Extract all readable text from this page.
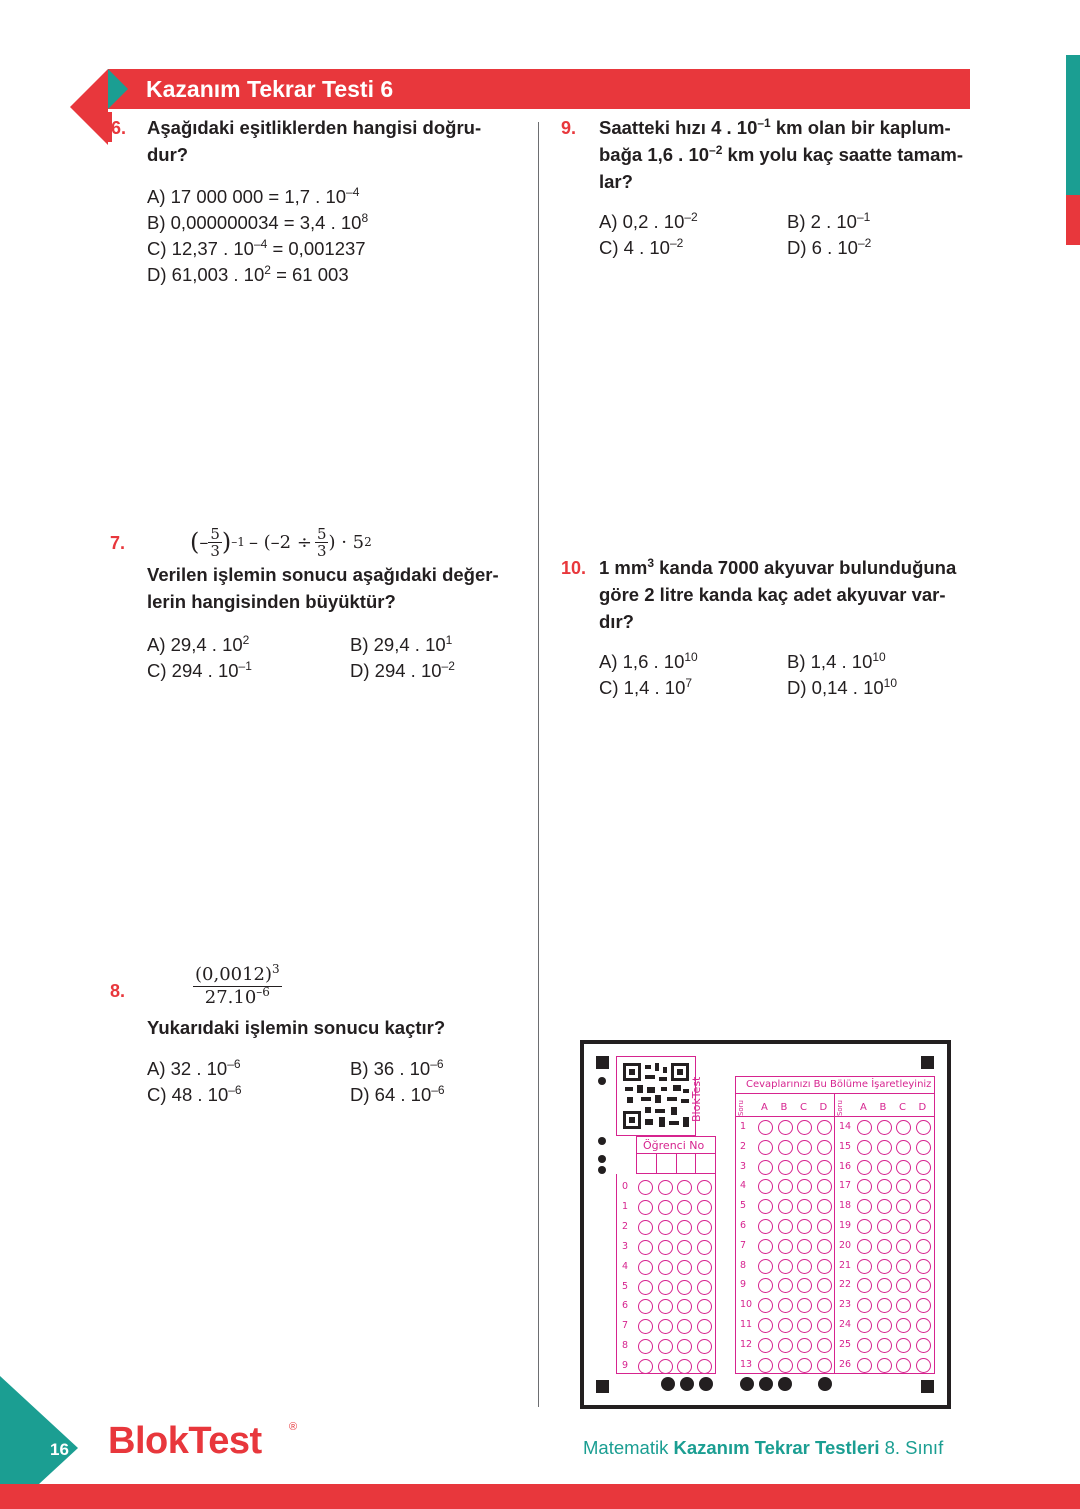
Kazanım Tekrar Testi 6
6. Aşağıdaki eşitliklerden hangisi doğru-
dur?
A) 17 000 000 = 1,7 . $10^{-4}$
B) 0,000000034 = 3,4 . $10^8$
C) 12,37 . $10^{-4} = 0,001237$
D) 61,003 . $10^2 = 61$ 003
7.	( – $\frac{5}{3}$ ) $-1 - (-2 \div \frac{5}{3}$ ) · 5 2
Verilen işlemin sonucu aşağıdaki değer-
lerin hangisinden büyüktür?
A) 29,4 . $10^2$	B) 29,4 . $10^1$
C) 294 . $10^{-1}$	D) 294 . $10^{-2}$
8.
$(0,0012)^3$
$27.10^{-6}$
Yukarıdaki işlemin sonucu kaçtır?
A) 32 . $10^{-6}$	B) 36 . $10^{-6}$
C) 48 . $10^{-6}$	D) 64 . $10^{-6}$
9. Saatteki hızı 4 . $10^{-1}$ km olan bir kaplum-
bağa 1,6 . $10^{-2}$ km yolu kaç saatte tamam-
lar?
A) 0,2 . $10^{-2}$	B) 2 . $10^{-1}$
C) 4 . $10^{-2}$	D) 6 . $10^{-2}$
10. 1 $mm^3$ kanda 7000 akyuvar bulunduğuna
göre 2 litre kanda kaç adet akyuvar var-
dır?
A) 1,6 . $10^{10}$	B) 1,4 . $10^{10}$
C) 1,4 . $10^7$	D) 0,14 . $10^{10}$
BlokTest
Öğrenci No
0
1
2
3
4
5
6
7
8
9
Cevaplarınızı Bu Bölüme İşaretleyiniz
Soru A B C D
1
2
3
4
5
6
7
8
9
10
11
12
13
Soru A B C D
14
15
16
17
18
19
20
21
22
23
24
25
26
16 BlokTest ®
Matematik Kazanım Tekrar Testleri 8. Sınıf
